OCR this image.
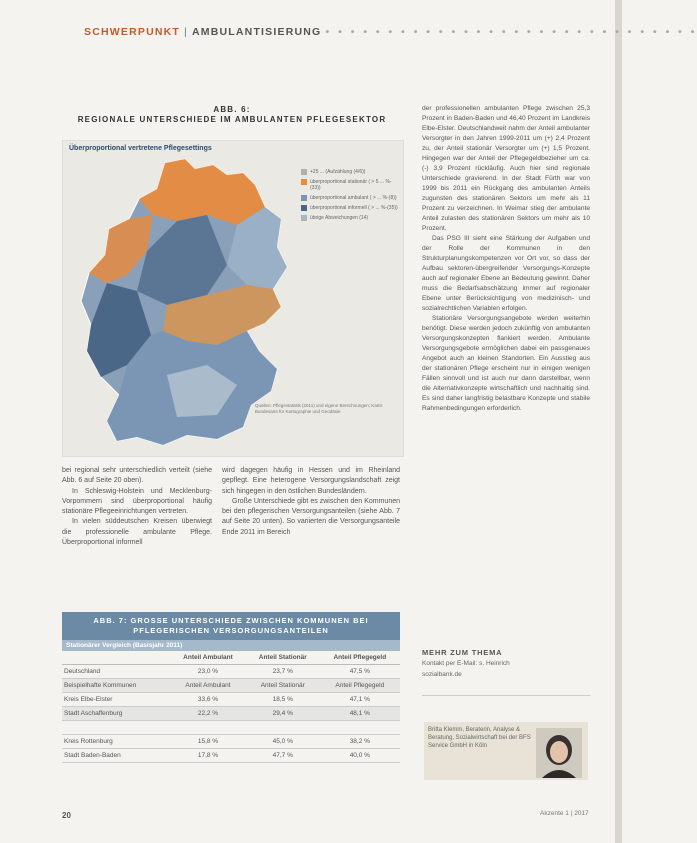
SCHWERPUNKT | AMBULANTISIERUNG • • • • • • • • • • • • • • • • • • • • • • • • • • • • • •
ABB. 6:
REGIONALE UNTERSCHIEDE IM AMBULANTEN PFLEGESEKTOR
Überproportional vertretene Pflegesettings
+25 ... (Aufzählung (4/6))
überproportional stationär ( > 5 ... %-(33))
überproportional ambulant ( > ... %-(8))
überproportional informell ( > ... %-(35))
übrige Abweichungen (14)
Quellen: Pflegestatistik (2011) und eigene Berechnungen; Karte: Bundesamt für Kartographie und Geodäsie

bei regional sehr unterschiedlich verteilt (siehe Abb. 6 auf Seite 20 oben).

In Schleswig-Holstein und Mecklenburg-Vorpommern sind überproportional häufig stationäre Pflegeeinrichtungen vertreten.

In vielen süddeutschen Kreisen überwiegt die professionelle ambulante Pflege. Überproportional informell

wird dagegen häufig in Hessen und im Rheinland gepflegt. Eine heterogene Versorgungslandschaft zeigt sich hingegen in den östlichen Bundesländern.

Große Unterschiede gibt es zwischen den Kommunen bei den pflegerischen Versorgungsanteilen (siehe Abb. 7 auf Seite 20 unten). So variierten die Versorgungsanteile Ende 2011 im Bereich

der professionellen ambulanten Pflege zwischen 25,3 Prozent in Baden-Baden und 46,40 Prozent im Landkreis Elbe-Elster. Deutschlandweit nahm der Anteil ambulanter Versorgter in den Jahren 1999-2011 um (+) 2,4 Prozent zu, der Anteil stationär Versorgter um (+) 1,5 Prozent. Hingegen war der Anteil der Pflegegeldbezieher um ca. (-) 3,9 Prozent rückläufig. Auch hier sind regionale Unterschiede gravierend. In der Stadt Fürth war von 1999 bis 2011 ein Rückgang des ambulanten Anteils zugunsten des stationären Sektors um mehr als 11 Prozent zu verzeichnen. In Weimar stieg der ambulante Anteil zulasten des stationären Sektors um mehr als 10 Prozent.

Das PSG III sieht eine Stärkung der Aufgaben und der Rolle der Kommunen in den Strukturplanungskompetenzen vor Ort vor, so dass der Aufbau sektoren-übergreifender Versorgungs-Konzepte auch auf regionaler Ebene an Bedeutung gewinnt. Daher muss die Bedarfsabschätzung immer auf regionaler Ebene unter Berücksichtigung von medizinisch- und sozialrechtlichen Variablen erfolgen.

Stationäre Versorgungsangebote werden weiterhin benötigt. Diese werden jedoch zukünftig von ambulanten Versorgungskonzepten flankiert werden. Ambulante Versorgungsgebote ermöglichen dabei ein passgenaues Angebot auch an kleinen Standorten. Ein Ausstieg aus der stationären Pflege erscheint nur in einigen wenigen Fällen sinnvoll und ist auch nur dann darstellbar, wenn die Alternativkonzepte wirtschaftlich und nachhaltig sind. Es sind daher langfristig belastbare Konzepte und stabile Rahmenbedingungen erforderlich.

ABB. 7: GROSSE UNTERSCHIEDE ZWISCHEN KOMMUNEN BEI PFLEGERISCHEN VERSORGUNGSANTEILEN
Stationärer Vergleich (Basisjahr 2011)
	Anteil Ambulant	Anteil Stationär	Anteil Pflegegeld
Deutschland	23,0 %	23,7 %	47,5 %
Beispielhafte Kommunen	Anteil Ambulant	Anteil Stationär	Anteil Pflegegeld
Kreis Elbe-Elster	33,6 %	18,5 %	47,1 %
Stadt Aschaffenburg	22,2 %	29,4 %	48,1 %

Kreis Rottenburg	15,8 %	45,0 %	38,2 %
Stadt Baden-Baden	17,8 %	47,7 %	40,0 %
MEHR ZUM THEMA
Kontakt per E-Mail: s. Heinrich
sozialbank.de
Britta Klemm, Beraterin, Analyse & Beratung, Sozialwirtschaft bei der BFS Service GmbH in Köln
20	Akzente 1 | 2017
